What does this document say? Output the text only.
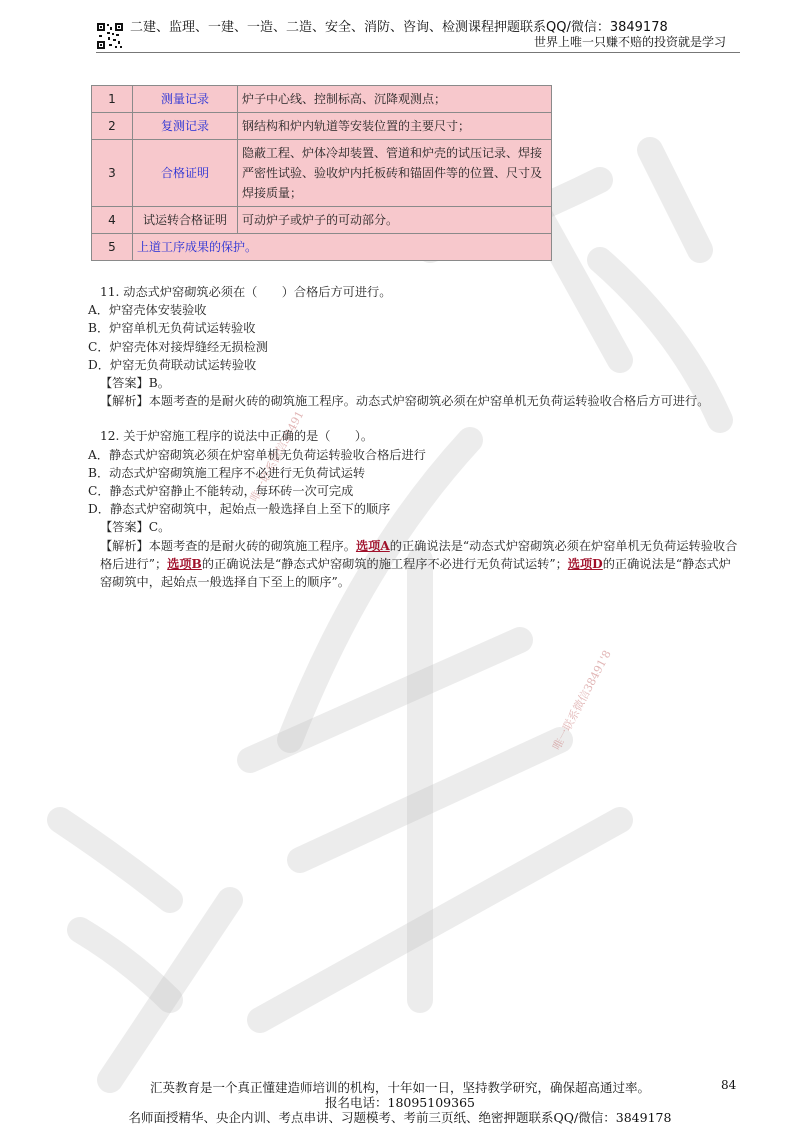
唯一联系微信38491
唯一联系微信38491'8
二建、监理、一建、一造、二造、安全、消防、咨询、检测课程押题联系QQ/微信：3849178
世界上唯一只赚不赔的投资就是学习
1	测量记录	炉子中心线、控制标高、沉降观测点；
2	复测记录	钢结构和炉内轨道等安装位置的主要尺寸；
3	合格证明	隐蔽工程、炉体冷却装置、管道和炉壳的试压记录、焊接严密性试验、验收炉内托板砖和锚固件等的位置、尺寸及焊接质量；
4	试运转合格证明	可动炉子或炉子的可动部分。
5	上道工序成果的保护。	

11. 动态式炉窑砌筑必须在（　　）合格后方可进行。

A．炉窑壳体安装验收

B．炉窑单机无负荷试运转验收

C．炉窑壳体对接焊缝经无损检测

D．炉窑无负荷联动试运转验收

【答案】B。

【解析】本题考查的是耐火砖的砌筑施工程序。动态式炉窑砌筑必须在炉窑单机无负荷运转验收合格后方可进行。

12. 关于炉窑施工程序的说法中正确的是（　　）。

A．静态式炉窑砌筑必须在炉窑单机无负荷运转验收合格后进行

B．动态式炉窑砌筑施工程序不必进行无负荷试运转

C．静态式炉窑静止不能转动，每环砖一次可完成

D．静态式炉窑砌筑中，起始点一般选择自上至下的顺序

【答案】C。

【解析】本题考查的是耐火砖的砌筑施工程序。选项A的正确说法是“动态式炉窑砌筑必须在炉窑单机无负荷运转验收合格后进行”；选项B的正确说法是“静态式炉窑砌筑的施工程序不必进行无负荷试运转”；选项D的正确说法是“静态式炉窑砌筑中，起始点一般选择自下至上的顺序”。

汇英教育是一个真正懂建造师培训的机构，十年如一日，坚持教学研究，确保超高通过率。	84
报名电话：18095109365
名师面授精华、央企内训、考点串讲、习题模考、考前三页纸、绝密押题联系QQ/微信：3849178
